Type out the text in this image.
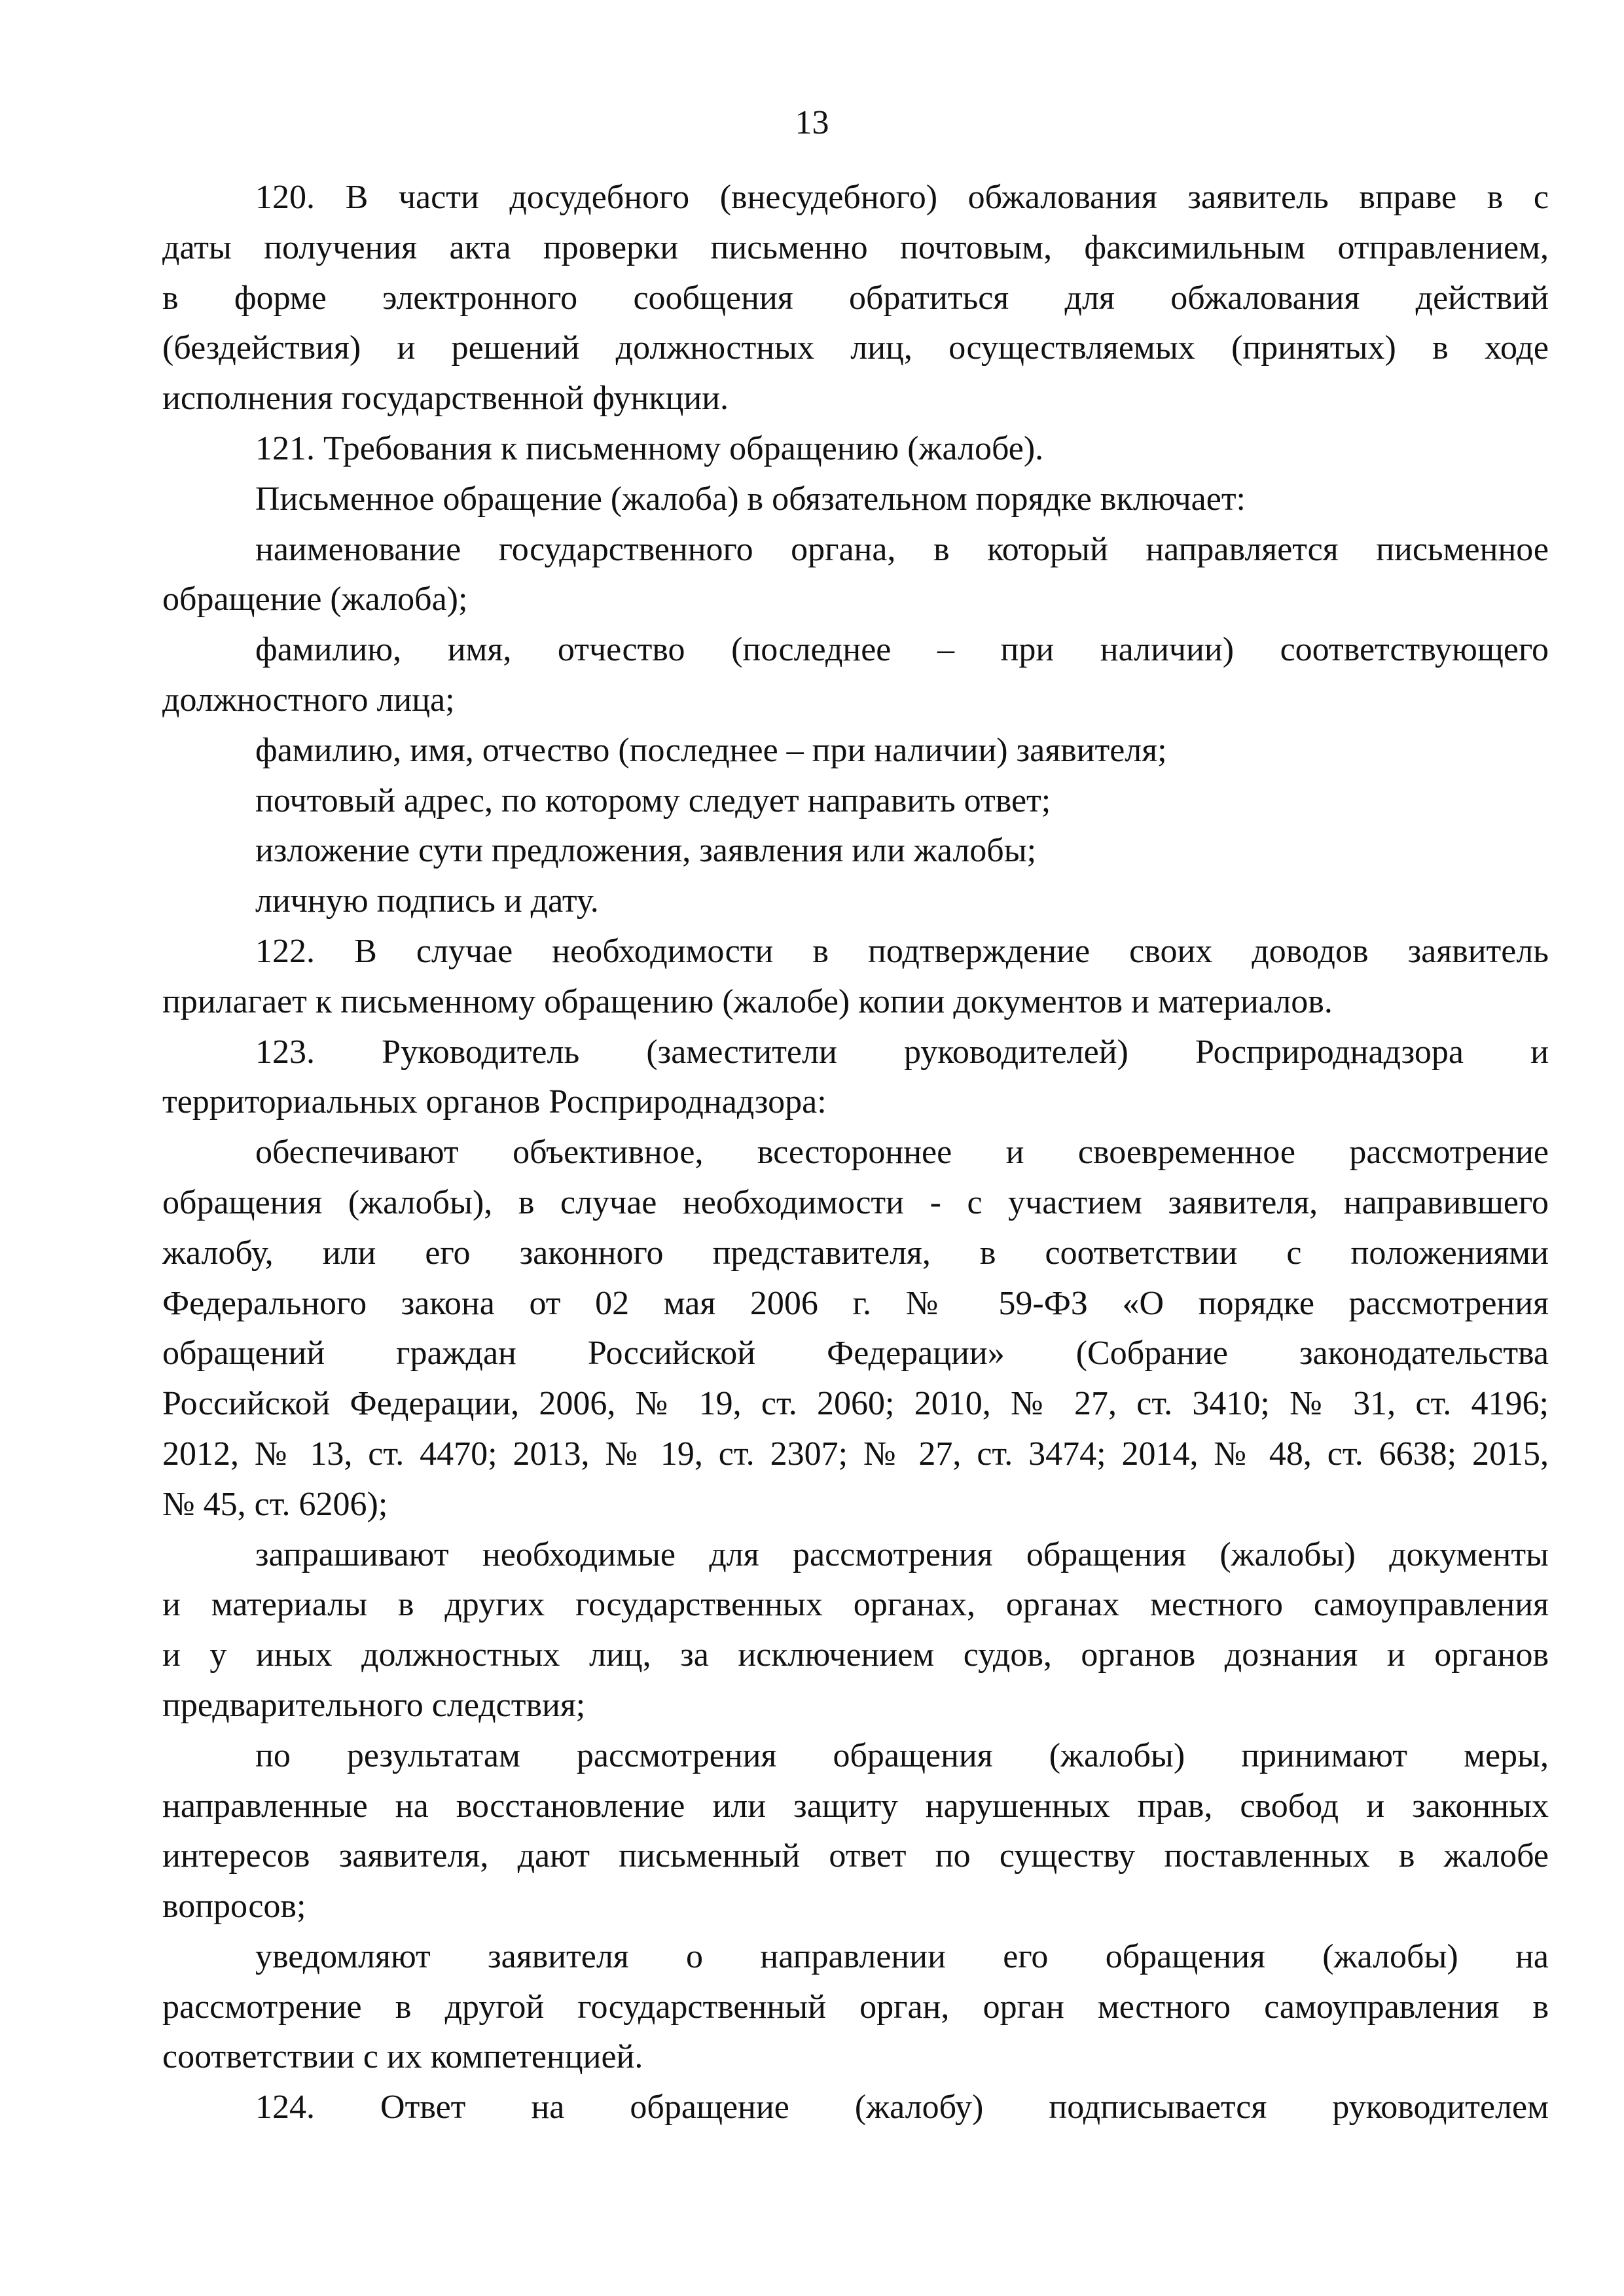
13
120. В части досудебного (внесудебного) обжалования заявитель вправе в с
даты получения акта проверки письменно почтовым, факсимильным отправлением,
в форме электронного сообщения обратиться для обжалования действий
(бездействия) и решений должностных лиц, осуществляемых (принятых) в ходе
исполнения государственной функции.
121. Требования к письменному обращению (жалобе).
Письменное обращение (жалоба) в обязательном порядке включает:
наименование государственного органа, в который направляется письменное
обращение (жалоба);
фамилию, имя, отчество (последнее – при наличии) соответствующего
должностного лица;
фамилию, имя, отчество (последнее – при наличии) заявителя;
почтовый адрес, по которому следует направить ответ;
изложение сути предложения, заявления или жалобы;
личную подпись и дату.
122. В случае необходимости в подтверждение своих доводов заявитель
прилагает к письменному обращению (жалобе) копии документов и материалов.
123. Руководитель (заместители руководителей) Росприроднадзора и
территориальных органов Росприроднадзора:
обеспечивают объективное, всестороннее и своевременное рассмотрение
обращения (жалобы), в случае необходимости - с участием заявителя, направившего
жалобу, или его законного представителя, в соответствии с положениями
Федерального закона от 02 мая 2006 г. № 59-ФЗ «О порядке рассмотрения
обращений граждан Российской Федерации» (Собрание законодательства
Российской Федерации, 2006, № 19, ст. 2060; 2010, № 27, ст. 3410; № 31, ст. 4196;
2012, № 13, ст. 4470; 2013, № 19, ст. 2307; № 27, ст. 3474; 2014, № 48, ст. 6638; 2015,
№ 45, ст. 6206);
запрашивают необходимые для рассмотрения обращения (жалобы) документы
и материалы в других государственных органах, органах местного самоуправления
и у иных должностных лиц, за исключением судов, органов дознания и органов
предварительного следствия;
по результатам рассмотрения обращения (жалобы) принимают меры,
направленные на восстановление или защиту нарушенных прав, свобод и законных
интересов заявителя, дают письменный ответ по существу поставленных в жалобе
вопросов;
уведомляют заявителя о направлении его обращения (жалобы) на
рассмотрение в другой государственный орган, орган местного самоуправления в
соответствии с их компетенцией.
124. Ответ на обращение (жалобу) подписывается руководителем
